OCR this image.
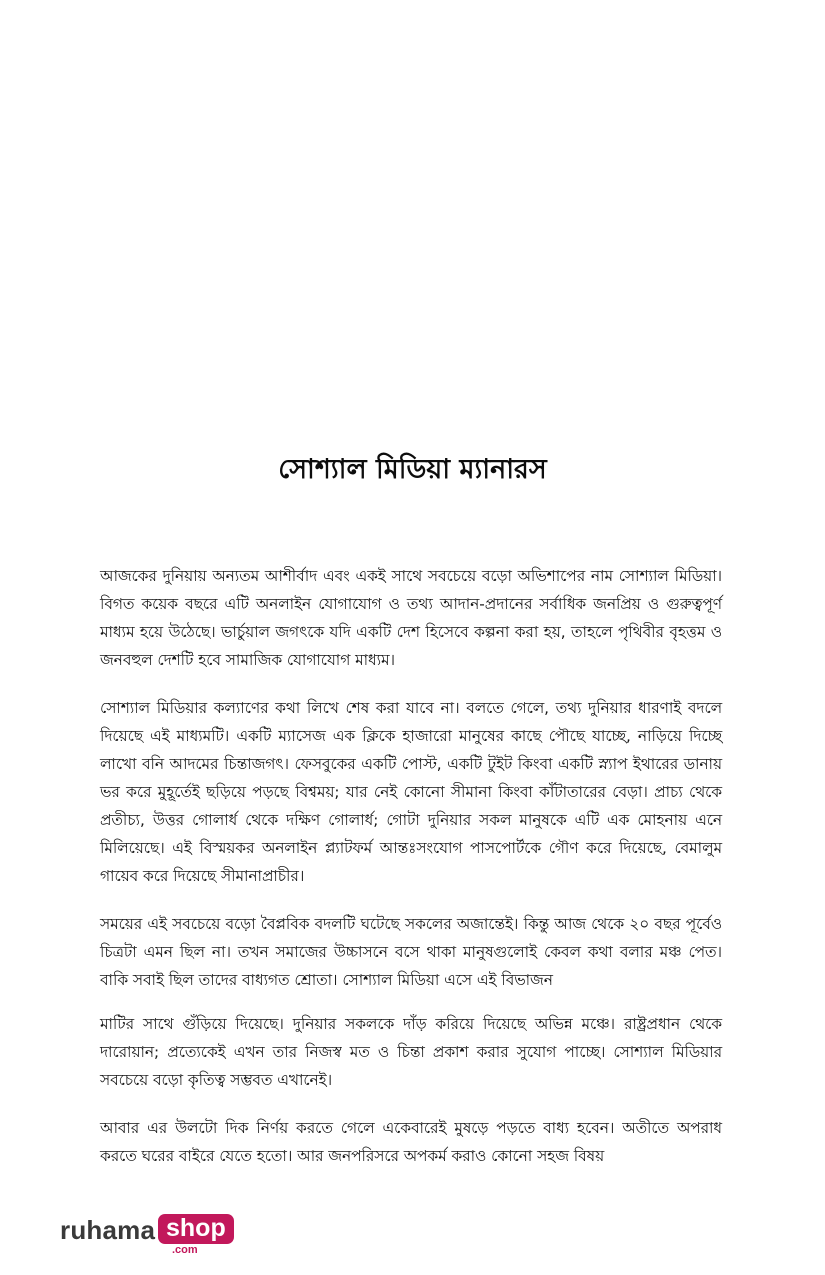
সোশ্যাল মিডিয়া ম্যানারস

আজকের দুনিয়ায় অন্যতম আশীর্বাদ এবং একই সাথে সবচেয়ে বড়ো অভিশাপের নাম সোশ্যাল মিডিয়া। বিগত কয়েক বছরে এটি অনলাইন যোগাযোগ ও তথ্য আদান-প্রদানের সর্বাধিক জনপ্রিয় ও গুরুত্বপূর্ণ মাধ্যম হয়ে উঠেছে। ভার্চুয়াল জগৎকে যদি একটি দেশ হিসেবে কল্পনা করা হয়, তাহলে পৃথিবীর বৃহত্তম ও জনবহুল দেশটি হবে সামাজিক যোগাযোগ মাধ্যম।

সোশ্যাল মিডিয়ার কল্যাণের কথা লিখে শেষ করা যাবে না। বলতে গেলে, তথ্য দুনিয়ার ধারণাই বদলে দিয়েছে এই মাধ্যমটি। একটি ম্যাসেজ এক ক্লিকে হাজারো মানুষের কাছে পৌছে যাচ্ছে, নাড়িয়ে দিচ্ছে লাখো বনি আদমের চিন্তাজগৎ। ফেসবুকের একটি পোস্ট, একটি টুইট কিংবা একটি স্ন্যাপ ইথারের ডানায় ভর করে মুহূর্তেই ছড়িয়ে পড়ছে বিশ্বময়; যার নেই কোনো সীমানা কিংবা কাঁটাতারের বেড়া। প্রাচ্য থেকে প্রতীচ্য, উত্তর গোলার্ধ থেকে দক্ষিণ গোলার্ধ; গোটা দুনিয়ার সকল মানুষকে এটি এক মোহনায় এনে মিলিয়েছে। এই বিস্ময়কর অনলাইন প্ল্যাটফর্ম আন্তঃসংযোগ পাসপোর্টকে গৌণ করে দিয়েছে, বেমালুম গায়েব করে দিয়েছে সীমানাপ্রাচীর।

সময়ের এই সবচেয়ে বড়ো বৈপ্লবিক বদলটি ঘটেছে সকলের অজান্তেই। কিন্তু আজ থেকে ২০ বছর পূর্বেও চিত্রটা এমন ছিল না। তখন সমাজের উচ্চাসনে বসে থাকা মানুষগুলোই কেবল কথা বলার মঞ্চ পেত। বাকি সবাই ছিল তাদের বাধ্যগত শ্রোতা। সোশ্যাল মিডিয়া এসে এই বিভাজন

মাটির সাথে গুঁড়িয়ে দিয়েছে। দুনিয়ার সকলকে দাঁড় করিয়ে দিয়েছে অভিন্ন মঞ্চে। রাষ্ট্রপ্রধান থেকে দারোয়ান; প্রত্যেকেই এখন তার নিজস্ব মত ও চিন্তা প্রকাশ করার সুযোগ পাচ্ছে। সোশ্যাল মিডিয়ার সবচেয়ে বড়ো কৃতিত্ব সম্ভবত এখানেই।

আবার এর উলটো দিক নির্ণয় করতে গেলে একেবারেই মুষড়ে পড়তে বাধ্য হবেন। অতীতে অপরাধ করতে ঘরের বাইরে যেতে হতো। আর জনপরিসরে অপকর্ম করাও কোনো সহজ বিষয়

ruhama shop
.com
